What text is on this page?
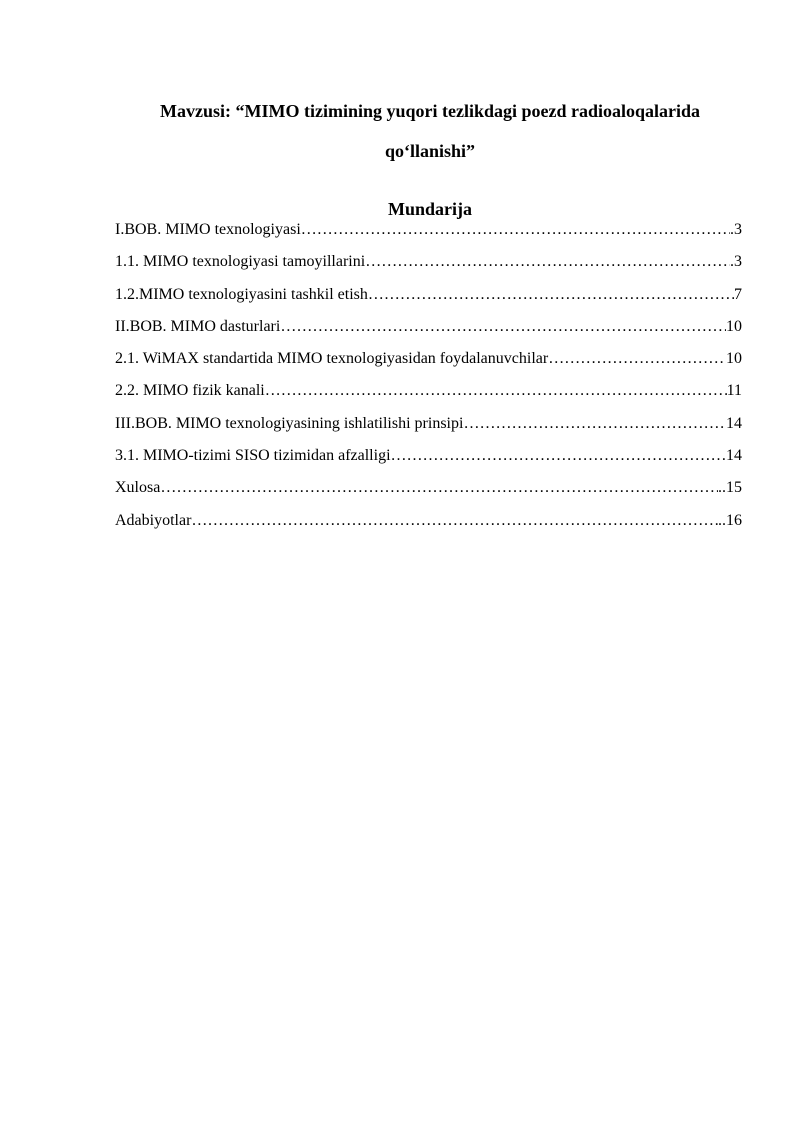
Mavzusi: “MIMO tizimining yuqori tezlikdagi poezd radioaloqalarida
qo‘llanishi”
Mundarija
I.BOB. MIMO texnologiyasi ………………………………………………………………………………………………………………………………………………	.3
1.1. MIMO texnologiyasi tamoyillarini ………………………………………………………………………………………………………………………………………………	.3
1.2.MIMO texnologiyasini tashkil etish ………………………………………………………………………………………………………………………………………………	7
II.BOB. MIMO dasturlari ………………………………………………………………………………………………………………………………………………	10
2.1. WiMAX standartida MIMO texnologiyasidan foydalanuvchilar ………………………………………………………………………………………………………………………………………………	10
2.2. MIMO fizik kanali ………………………………………………………………………………………………………………………………………………	11
III.BOB. MIMO texnologiyasining ishlatilishi prinsipi ………………………………………………………………………………………………………………………………………………	14
3.1. MIMO-tizimi SISO tizimidan afzalligi ………………………………………………………………………………………………………………………………………………	14
Xulosa ………………………………………………………………………………………………………………………………………………	..15
Adabiyotlar ………………………………………………………………………………………………………………………………………………	..16
